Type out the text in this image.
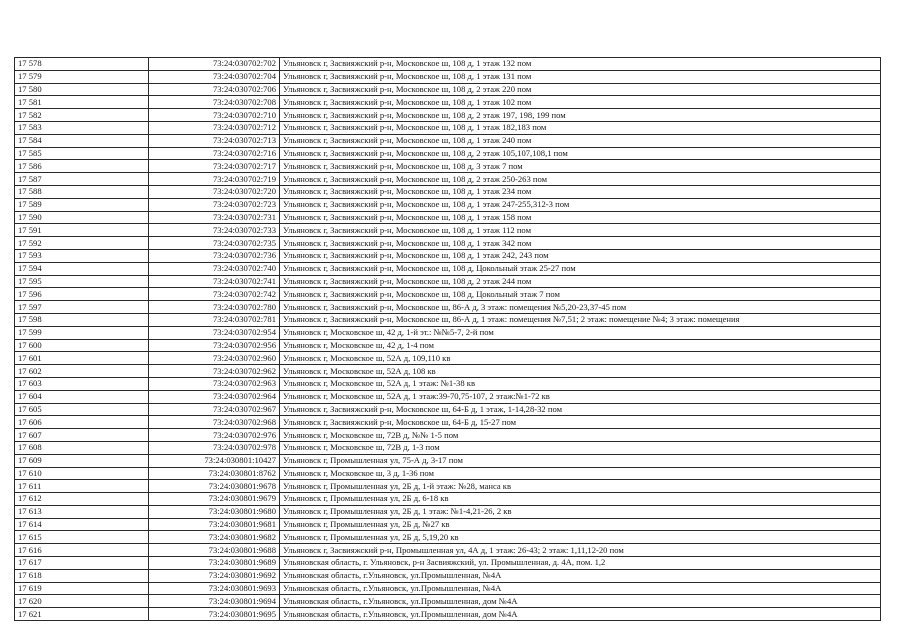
17 578	73:24:030702:702	Ульяновск г, Засвияжский р-н, Московское ш, 108 д, 1 этаж 132 пом
17 579	73:24:030702:704	Ульяновск г, Засвияжский р-н, Московское ш, 108 д, 1 этаж 131 пом
17 580	73:24:030702:706	Ульяновск г, Засвияжский р-н, Московское ш, 108 д, 2 этаж 220 пом
17 581	73:24:030702:708	Ульяновск г, Засвияжский р-н, Московское ш, 108 д, 1 этаж 102 пом
17 582	73:24:030702:710	Ульяновск г, Засвияжский р-н, Московское ш, 108 д, 2 этаж 197, 198, 199 пом
17 583	73:24:030702:712	Ульяновск г, Засвияжский р-н, Московское ш, 108 д, 1 этаж 182,183 пом
17 584	73:24:030702:713	Ульяновск г, Засвияжский р-н, Московское ш, 108 д, 1 этаж 240 пом
17 585	73:24:030702:716	Ульяновск г, Засвияжский р-н, Московское ш, 108 д, 2 этаж 105,107,108,1 пом
17 586	73:24:030702:717	Ульяновск г, Засвияжский р-н, Московское ш, 108 д, 3 этаж 7 пом
17 587	73:24:030702:719	Ульяновск г, Засвияжский р-н, Московское ш, 108 д, 2 этаж 250-263 пом
17 588	73:24:030702:720	Ульяновск г, Засвияжский р-н, Московское ш, 108 д, 1 этаж 234 пом
17 589	73:24:030702:723	Ульяновск г, Засвияжский р-н, Московское ш, 108 д, 1 этаж 247-255,312-3 пом
17 590	73:24:030702:731	Ульяновск г, Засвияжский р-н, Московское ш, 108 д, 1 этаж 158 пом
17 591	73:24:030702:733	Ульяновск г, Засвияжский р-н, Московское ш, 108 д, 1 этаж 112 пом
17 592	73:24:030702:735	Ульяновск г, Засвияжский р-н, Московское ш, 108 д, 1 этаж 342 пом
17 593	73:24:030702:736	Ульяновск г, Засвияжский р-н, Московское ш, 108 д, 1 этаж 242, 243 пом
17 594	73:24:030702:740	Ульяновск г, Засвияжский р-н, Московское ш, 108 д, Цокольный этаж 25-27 пом
17 595	73:24:030702:741	Ульяновск г, Засвияжский р-н, Московское ш, 108 д, 2 этаж 244 пом
17 596	73:24:030702:742	Ульяновск г, Засвияжский р-н, Московское ш, 108 д, Цокольный этаж 7 пом
17 597	73:24:030702:780	Ульяновск г, Засвияжский р-н, Московское ш, 86-А д, 3 этаж: помещения №5,20-23,37-45 пом
17 598	73:24:030702:781	Ульяновск г, Засвияжский р-н, Московское ш, 86-А д, 1 этаж: помещения №7,51; 2 этаж: помещение №4; 3 этаж: помещения
17 599	73:24:030702:954	Ульяновск г, Московское ш, 42 д, 1-й эт.: №№5-7, 2-й пом
17 600	73:24:030702:956	Ульяновск г, Московское ш, 42 д, 1-4 пом
17 601	73:24:030702:960	Ульяновск г, Московское ш, 52А д, 109,110 кв
17 602	73:24:030702:962	Ульяновск г, Московское ш, 52А д, 108 кв
17 603	73:24:030702:963	Ульяновск г, Московское ш, 52А д, 1 этаж: №1-38 кв
17 604	73:24:030702:964	Ульяновск г, Московское ш, 52А д, 1 этаж:39-70,75-107, 2 этаж:№1-72 кв
17 605	73:24:030702:967	Ульяновск г, Засвияжский р-н, Московское ш, 64-Б д, 1 этаж, 1-14,28-32 пом
17 606	73:24:030702:968	Ульяновск г, Засвияжский р-н, Московское ш, 64-Б д, 15-27 пом
17 607	73:24:030702:976	Ульяновск г, Московское ш, 72В д, №№ 1-5 пом
17 608	73:24:030702:978	Ульяновск г, Московское ш, 72В д, 1-3 пом
17 609	73:24:030801:10427	Ульяновск г, Промышленная ул, 75-А д, 3-17 пом
17 610	73:24:030801:8762	Ульяновск г, Московское ш, 3 д, 1-36 пом
17 611	73:24:030801:9678	Ульяновск г, Промышленная ул, 2Б д, 1-й этаж: №28, мансa кв
17 612	73:24:030801:9679	Ульяновск г, Промышленная ул, 2Б д, 6-18 кв
17 613	73:24:030801:9680	Ульяновск г, Промышленная ул, 2Б д, 1 этаж: №1-4,21-26, 2 кв
17 614	73:24:030801:9681	Ульяновск г, Промышленная ул, 2Б д, №27 кв
17 615	73:24:030801:9682	Ульяновск г, Промышленная ул, 2Б д, 5,19,20 кв
17 616	73:24:030801:9688	Ульяновск г, Засвияжский р-н, Промышленная ул, 4А д, 1 этаж: 26-43; 2 этаж: 1,11,12-20 пом
17 617	73:24:030801:9689	Ульяновская область, г. Ульяновск, р-н Засвияжский, ул. Промышленная, д. 4А, пом. 1,2
17 618	73:24:030801:9692	Ульяновская область, г.Ульяновск, ул.Промышленная, №4А
17 619	73:24:030801:9693	Ульяновская область, г.Ульяновск, ул.Промышленная, №4А
17 620	73:24:030801:9694	Ульяновская область, г.Ульяновск, ул.Промышленная, дом №4А
17 621	73:24:030801:9695	Ульяновская область, г.Ульяновск, ул.Промышленная, дом №4А
